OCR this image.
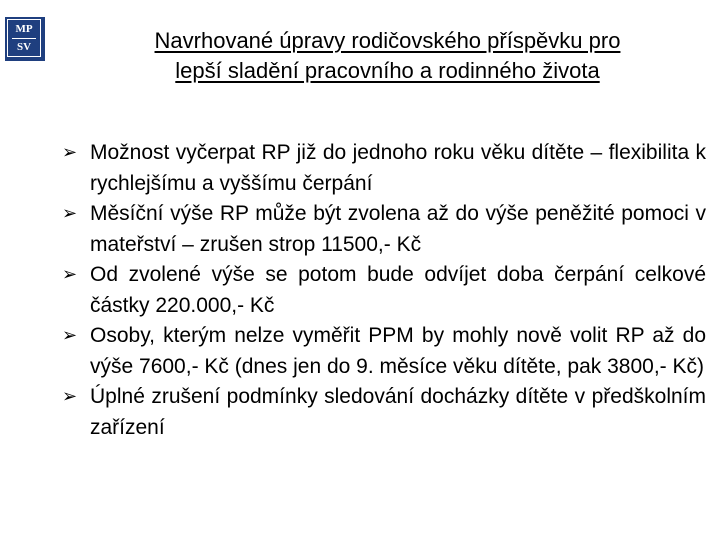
MP
SV	Navrhované úpravy rodičovského příspěvku pro
lepší sladění pracovního a rodinného života
➢ Možnost vyčerpat RP již do jednoho roku věku dítěte – flexibilita k rychlejšímu a vyššímu čerpání
➢ Měsíční výše RP může být zvolena až do výše peněžité pomoci v mateřství – zrušen strop 11500,- Kč
➢ Od zvolené výše se potom bude odvíjet doba čerpání celkové částky 220.000,- Kč
➢ Osoby, kterým nelze vyměřit PPM by mohly nově volit RP až do výše 7600,- Kč (dnes jen do 9. měsíce věku dítěte, pak 3800,- Kč)
➢ Úplné zrušení podmínky sledování docházky dítěte v předškolním zařízení
